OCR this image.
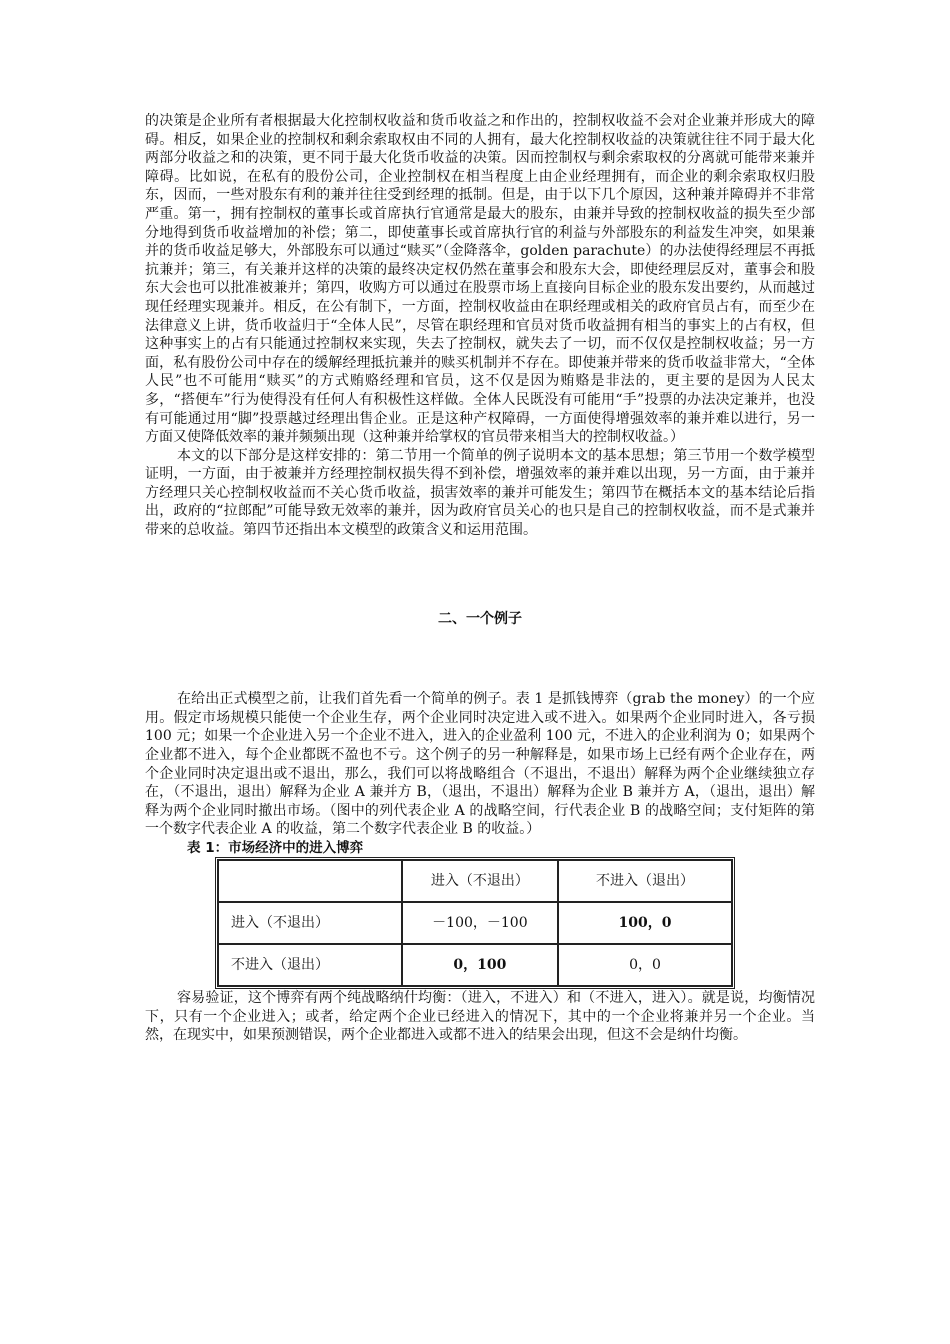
的决策是企业所有者根据最大化控制权收益和货币收益之和作出的，控制权收益不会对企业兼并形成大的障碍。相反，如果企业的控制权和剩余索取权由不同的人拥有，最大化控制权收益的决策就往往不同于最大化两部分收益之和的决策，更不同于最大化货币收益的决策。因而控制权与剩余索取权的分离就可能带来兼并障碍。比如说，在私有的股份公司，企业控制权在相当程度上由企业经理拥有，而企业的剩余索取权归股东，因而，一些对股东有利的兼并往往受到经理的抵制。但是，由于以下几个原因，这种兼并障碍并不非常严重。第一，拥有控制权的董事长或首席执行官通常是最大的股东，由兼并导致的控制权收益的损失至少部分地得到货币收益增加的补偿；第二，即使董事长或首席执行官的利益与外部股东的利益发生冲突，如果兼并的货币收益足够大，外部股东可以通过“赎买”（金降落伞，golden parachute）的办法使得经理层不再抵抗兼并；第三，有关兼并这样的决策的最终决定权仍然在董事会和股东大会，即使经理层反对，董事会和股东大会也可以批准被兼并；第四，收购方可以通过在股票市场上直接向目标企业的股东发出要约，从而越过现任经理实现兼并。相反，在公有制下，一方面，控制权收益由在职经理或相关的政府官员占有，而至少在法律意义上讲，货币收益归于“全体人民”，尽管在职经理和官员对货币收益拥有相当的事实上的占有权，但这种事实上的占有只能通过控制权来实现，失去了控制权，就失去了一切，而不仅仅是控制权收益；另一方面，私有股份公司中存在的缓解经理抵抗兼并的赎买机制并不存在。即使兼并带来的货币收益非常大，“全体人民”也不可能用“赎买”的方式贿赂经理和官员，这不仅是因为贿赂是非法的，更主要的是因为人民太多，“搭便车”行为使得没有任何人有积极性这样做。全体人民既没有可能用“手”投票的办法决定兼并，也没有可能通过用“脚”投票越过经理出售企业。正是这种产权障碍，一方面使得增强效率的兼并难以进行，另一方面又使降低效率的兼并频频出现（这种兼并给掌权的官员带来相当大的控制权收益。）

本文的以下部分是这样安排的：第二节用一个简单的例子说明本文的基本思想；第三节用一个数学模型证明，一方面，由于被兼并方经理控制权损失得不到补偿，增强效率的兼并难以出现，另一方面，由于兼并方经理只关心控制权收益而不关心货币收益，损害效率的兼并可能发生；第四节在概括本文的基本结论后指出，政府的“拉郎配”可能导致无效率的兼并，因为政府官员关心的也只是自己的控制权收益，而不是式兼并带来的总收益。第四节还指出本文模型的政策含义和运用范围。

二、一个例子

在给出正式模型之前，让我们首先看一个简单的例子。表 1 是抓钱博弈（grab the money）的一个应用。假定市场规模只能使一个企业生存，两个企业同时决定进入或不进入。如果两个企业同时进入，各亏损 100 元；如果一个企业进入另一个企业不进入，进入的企业盈利 100 元，不进入的企业利润为 0；如果两个企业都不进入，每个企业都既不盈也不亏。这个例子的另一种解释是，如果市场上已经有两个企业存在，两个企业同时决定退出或不退出，那么，我们可以将战略组合（不退出，不退出）解释为两个企业继续独立存在，（不退出，退出）解释为企业 A 兼并方 B，（退出，不退出）解释为企业 B 兼并方 A，（退出，退出）解释为两个企业同时撤出市场。（图中的列代表企业 A 的战略空间，行代表企业 B 的战略空间；支付矩阵的第一个数字代表企业 A 的收益，第二个数字代表企业 B 的收益。）

表 1：市场经济中的进入博弈
	进入（不退出）	不进入（退出）
进入（不退出）	－100，－100	100，0
不进入（退出）	0，100	0，0

容易验证，这个博弈有两个纯战略纳什均衡：（进入，不进入）和（不进入，进入）。就是说，均衡情况下，只有一个企业进入；或者，给定两个企业已经进入的情况下，其中的一个企业将兼并另一个企业。当然，在现实中，如果预测错误，两个企业都进入或都不进入的结果会出现，但这不会是纳什均衡。
